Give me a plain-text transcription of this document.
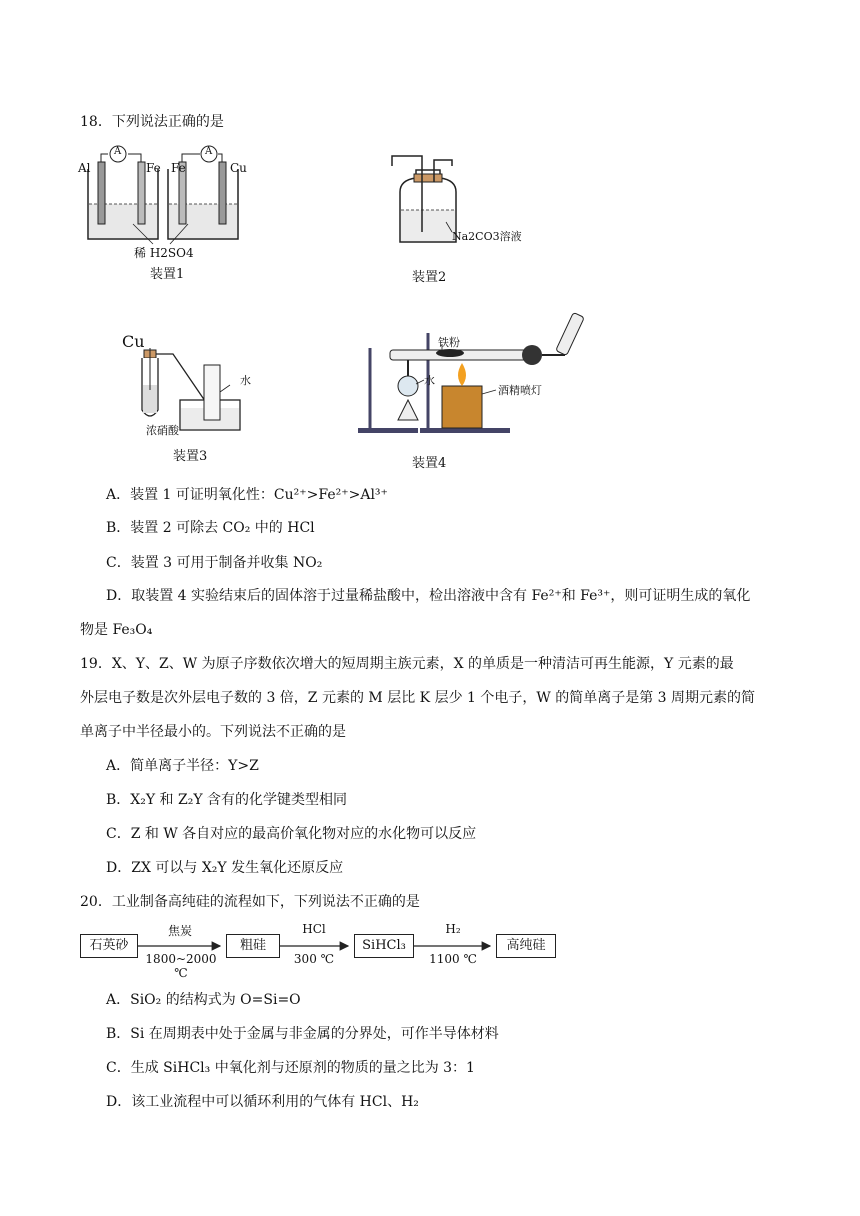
18．下列说法正确的是
A	A
Al	Fe Fe	Cu
稀 H2SO4
装置1
Na2CO3溶液
装置2
Cu
水
浓硝酸
装置3
铁粉
水
酒精喷灯
装置4
A．装置 1 可证明氧化性：Cu²⁺>Fe²⁺>Al³⁺
B．装置 2 可除去 CO₂ 中的 HCl
C．装置 3 可用于制备并收集 NO₂
D．取装置 4 实验结束后的固体溶于过量稀盐酸中，检出溶液中含有 Fe²⁺和 Fe³⁺，则可证明生成的氧化
物是 Fe₃O₄
19．X、Y、Z、W 为原子序数依次增大的短周期主族元素，X 的单质是一种清洁可再生能源，Y 元素的最
外层电子数是次外层电子数的 3 倍，Z 元素的 M 层比 K 层少 1 个电子，W 的简单离子是第 3 周期元素的简
单离子中半径最小的。下列说法不正确的是
A．简单离子半径：Y>Z
B．X₂Y 和 Z₂Y 含有的化学键类型相同
C．Z 和 W 各自对应的最高价氧化物对应的水化物可以反应
D．ZX 可以与 X₂Y 发生氧化还原反应
20．工业制备高纯硅的流程如下，下列说法不正确的是
石英砂	粗硅	SiHCl₃	高纯硅
焦炭
1800~2000 ℃
HCl
300 ℃
H₂
1100 ℃
A．SiO₂ 的结构式为 O=Si=O
B．Si 在周期表中处于金属与非金属的分界处，可作半导体材料
C．生成 SiHCl₃ 中氧化剂与还原剂的物质的量之比为 3：1
D．该工业流程中可以循环利用的气体有 HCl、H₂
